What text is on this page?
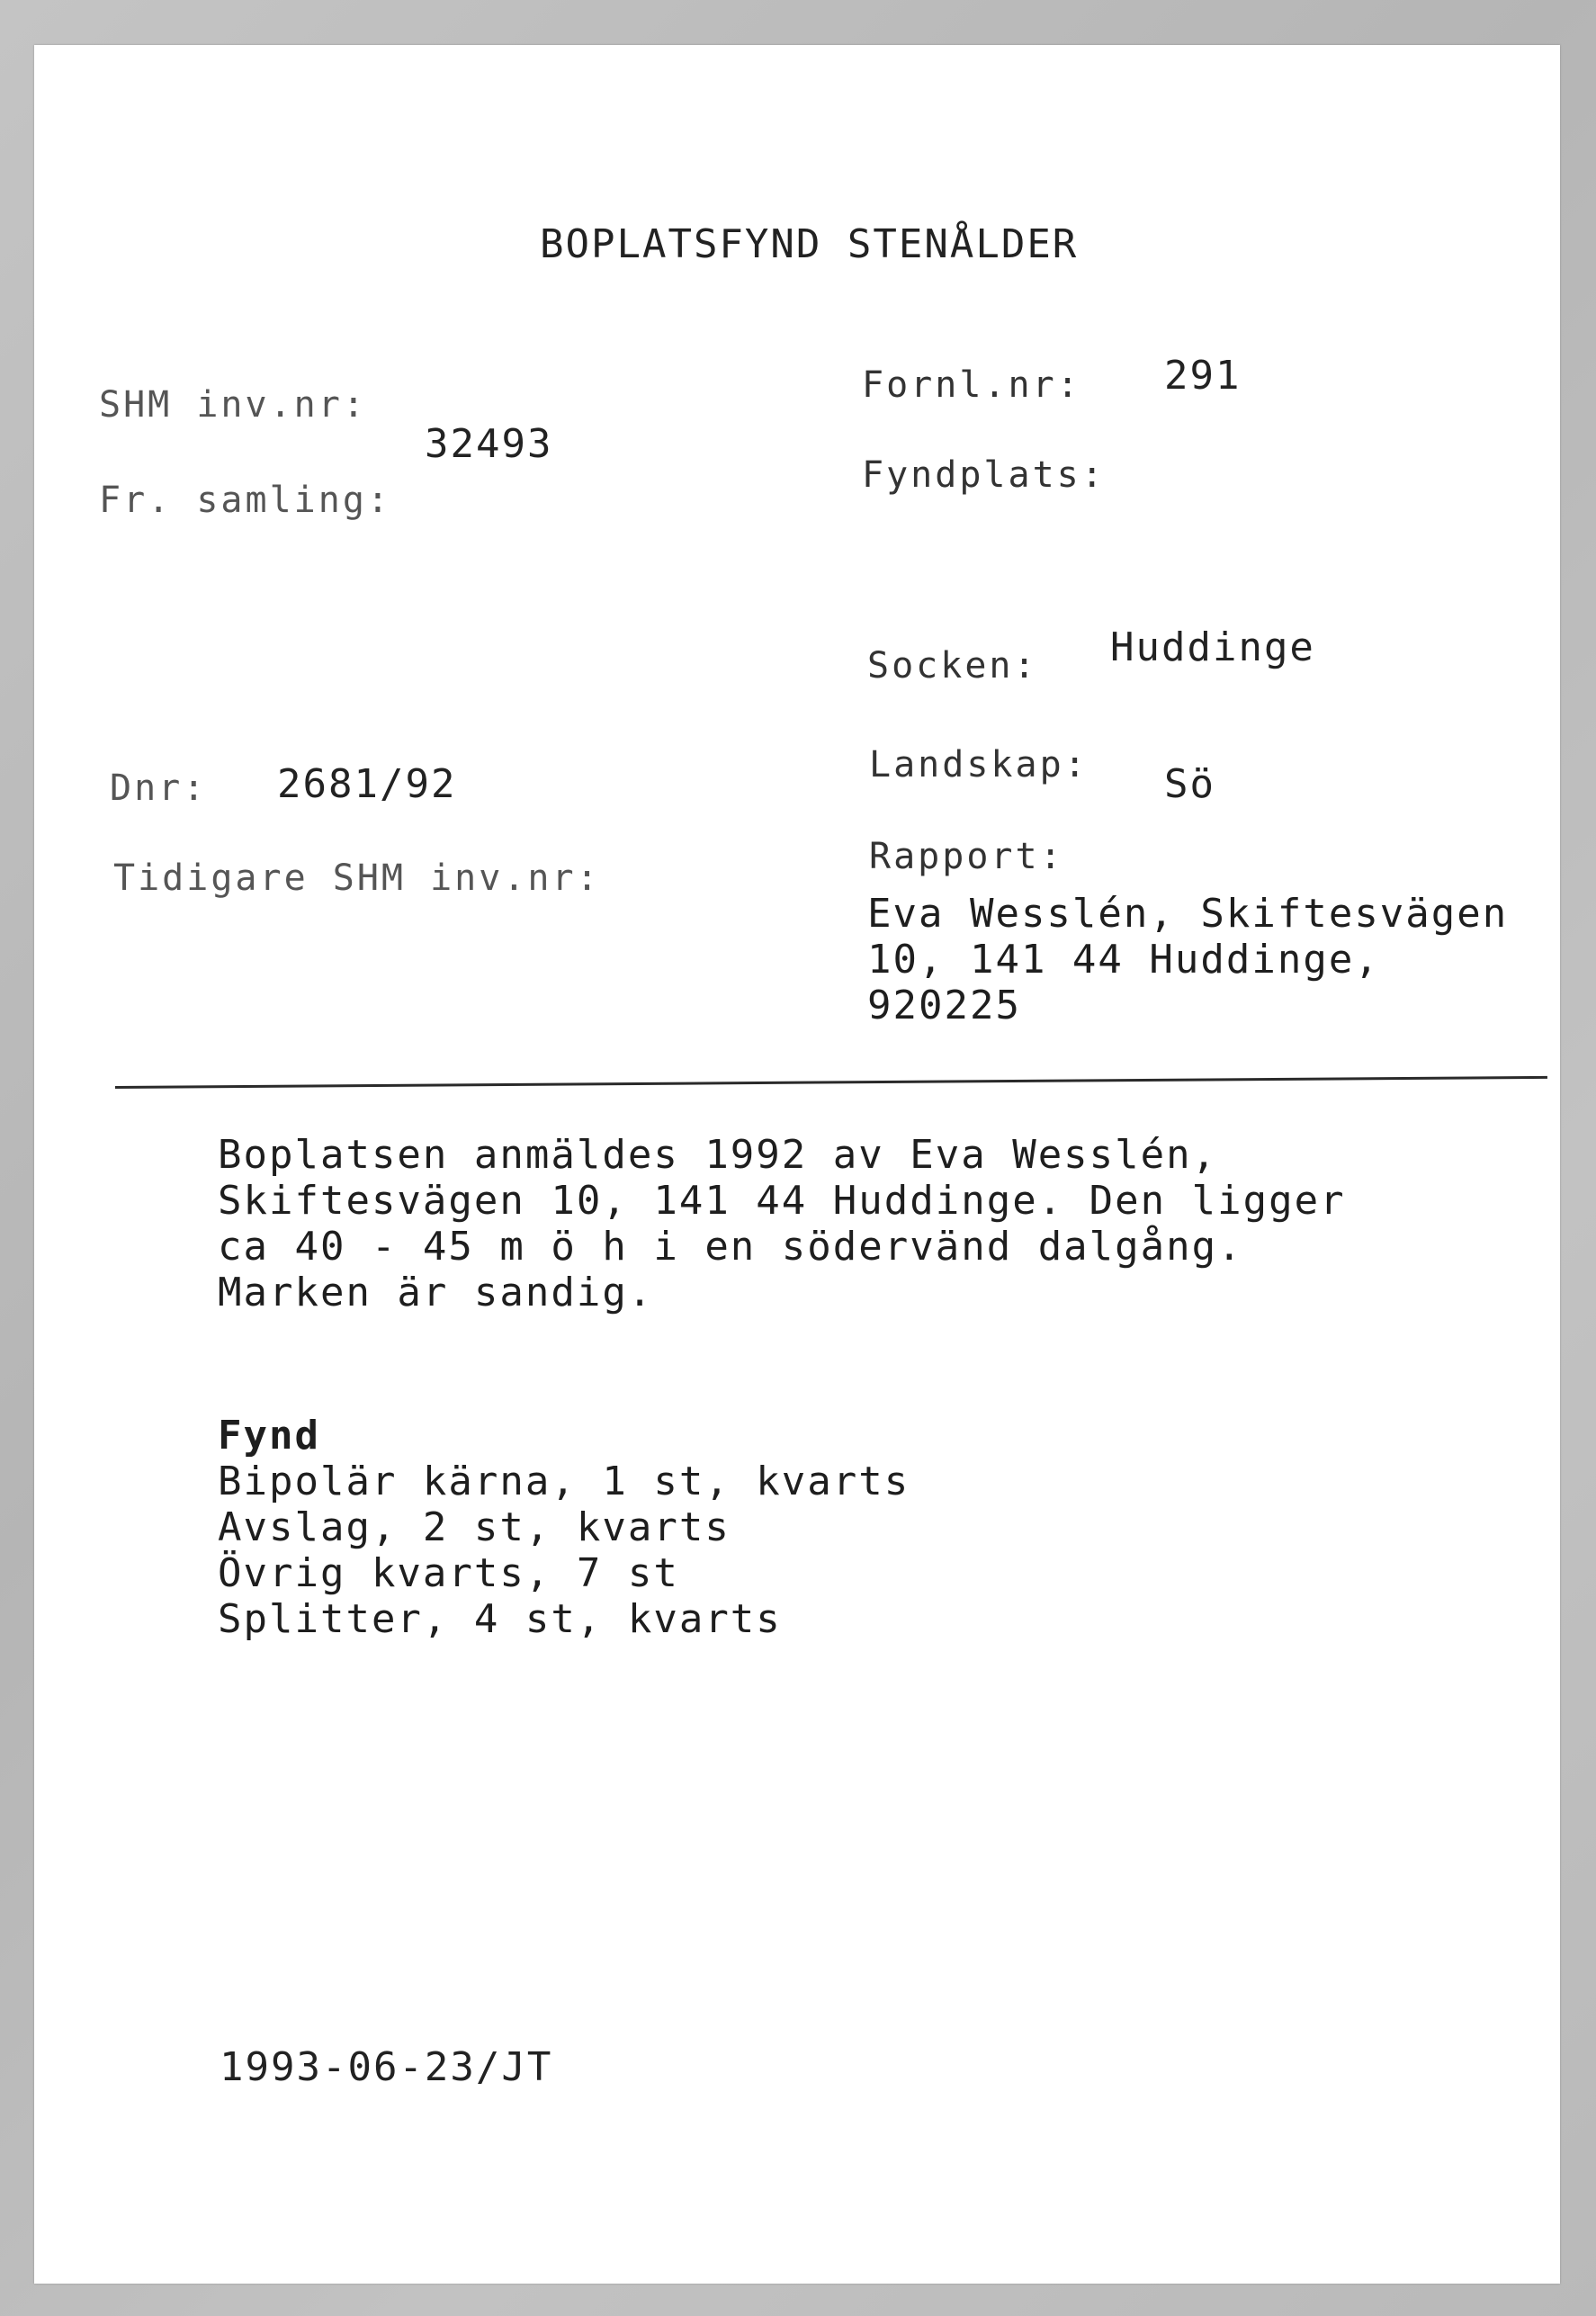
BOPLATSFYND STENÅLDER
SHM inv.nr:
32493
Fr. samling:
Dnr: 2681/92
Tidigare SHM inv.nr:
Fornl.nr: 291
Fyndplats:
Socken: Huddinge
Landskap: Sö
Rapport:
Eva Wesslén, Skiftesvägen
10, 141 44 Huddinge,
920225
Boplatsen anmäldes 1992 av Eva Wesslén,
Skiftesvägen 10, 141 44 Huddinge. Den ligger
ca 40 - 45 m ö h i en södervänd dalgång.
Marken är sandig.
Fynd
Bipolär kärna, 1 st, kvarts
Avslag, 2 st, kvarts
Övrig kvarts, 7 st
Splitter, 4 st, kvarts
1993-06-23/JT
